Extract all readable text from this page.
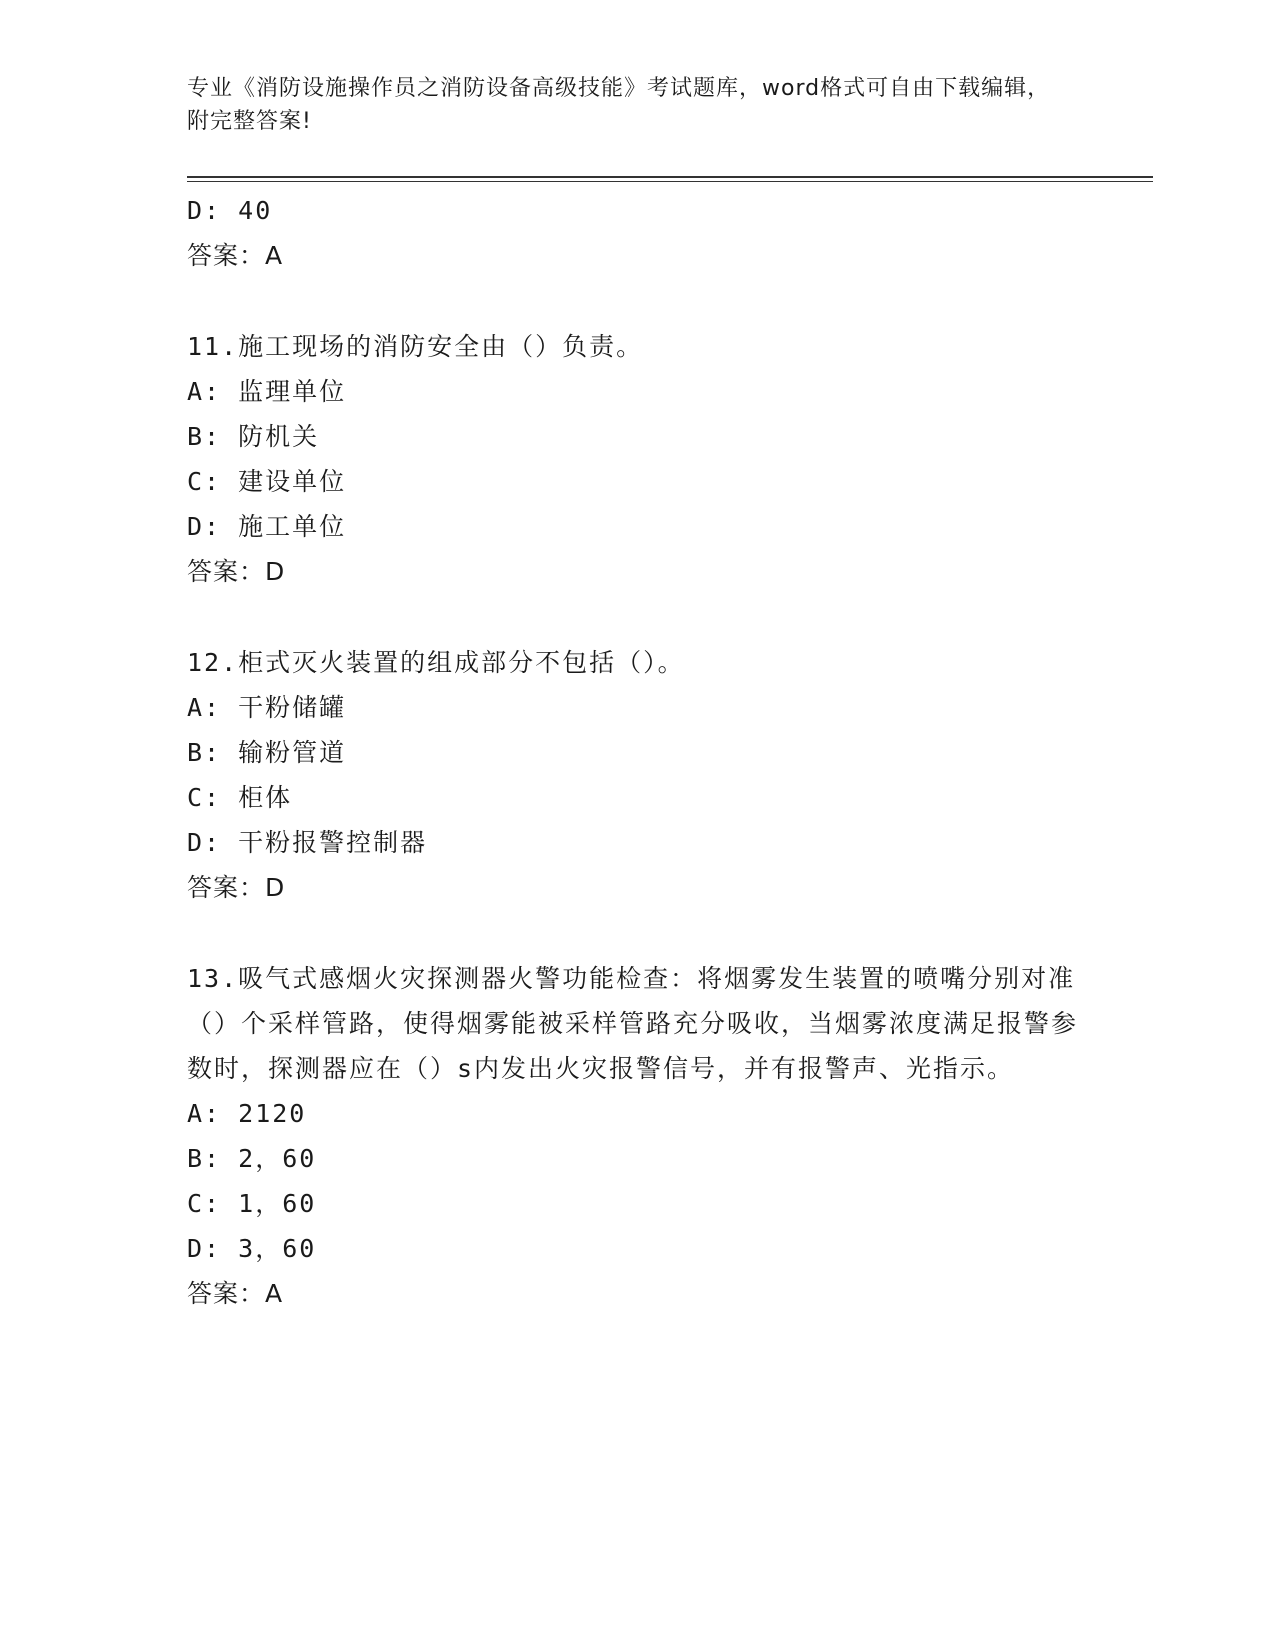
专业《消防设施操作员之消防设备高级技能》考试题库，word格式可自由下载编辑，附完整答案!
D: 40
答案：A
11.施工现场的消防安全由（）负责。
A: 监理单位
B: 防机关
C: 建设单位
D: 施工单位
答案：D
12.柜式灭火装置的组成部分不包括（）。
A: 干粉储罐
B: 输粉管道
C: 柜体
D: 干粉报警控制器
答案：D
13.吸气式感烟火灾探测器火警功能检查：将烟雾发生装置的喷嘴分别对准（）个采样管路，使得烟雾能被采样管路充分吸收，当烟雾浓度满足报警参数时，探测器应在（）s内发出火灾报警信号，并有报警声、光指示。
A: 2120
B: 2，60
C: 1，60
D: 3，60
答案：A
